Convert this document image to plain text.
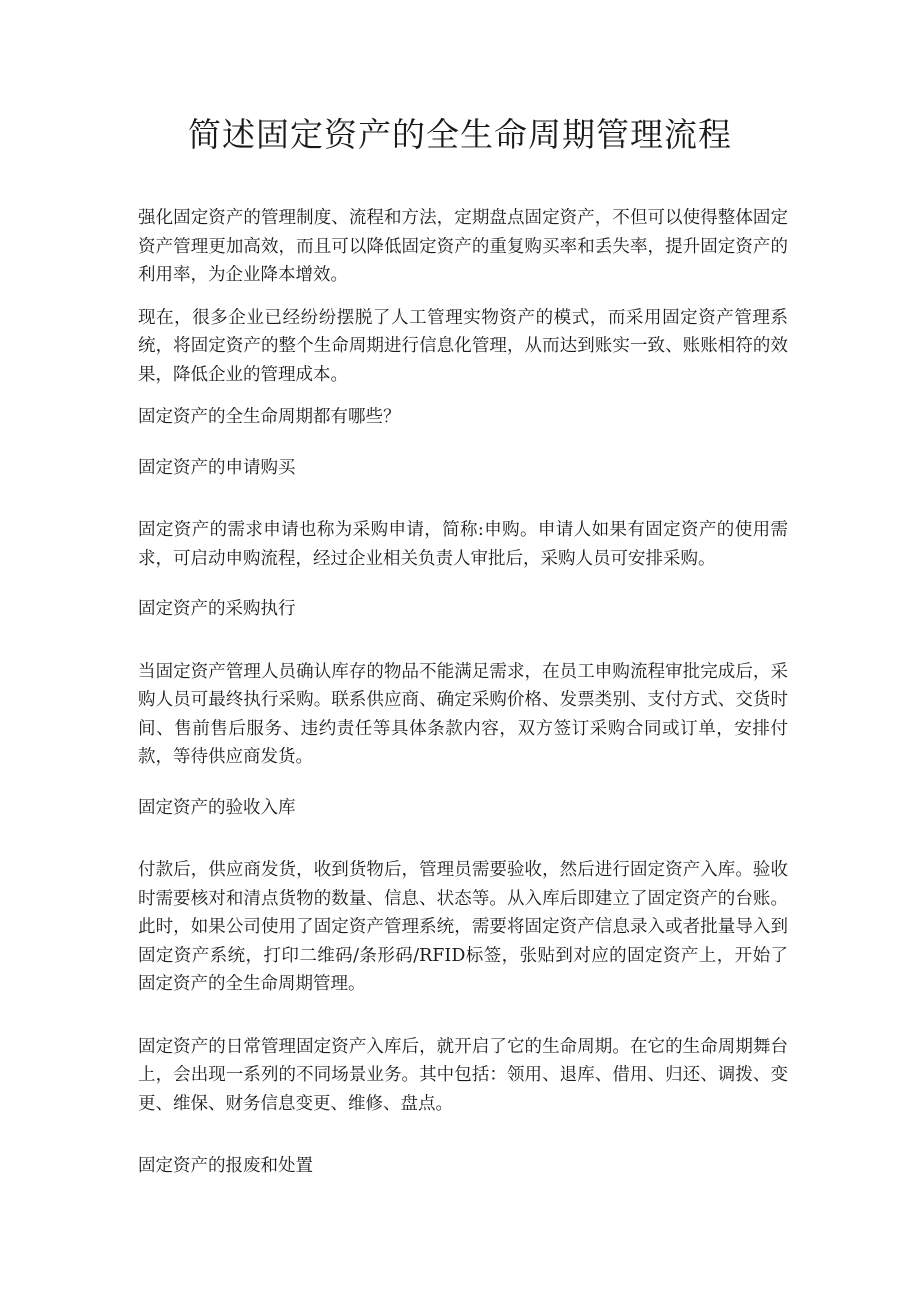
简述固定资产的全生命周期管理流程

强化固定资产的管理制度、流程和方法，定期盘点固定资产，不但可以使得整体固定资产管理更加高效，而且可以降低固定资产的重复购买率和丢失率，提升固定资产的利用率，为企业降本增效。

现在，很多企业已经纷纷摆脱了人工管理实物资产的模式，而采用固定资产管理系统，将固定资产的整个生命周期进行信息化管理，从而达到账实一致、账账相符的效果，降低企业的管理成本。

固定资产的全生命周期都有哪些？

固定资产的申请购买

固定资产的需求申请也称为采购申请，简称:申购。申请人如果有固定资产的使用需求，可启动申购流程，经过企业相关负责人审批后，采购人员可安排采购。

固定资产的采购执行

当固定资产管理人员确认库存的物品不能满足需求，在员工申购流程审批完成后，采购人员可最终执行采购。联系供应商、确定采购价格、发票类别、支付方式、交货时间、售前售后服务、违约责任等具体条款内容，双方签订采购合同或订单，安排付款，等待供应商发货。

固定资产的验收入库

付款后，供应商发货，收到货物后，管理员需要验收，然后进行固定资产入库。验收时需要核对和清点货物的数量、信息、状态等。从入库后即建立了固定资产的台账。此时，如果公司使用了固定资产管理系统，需要将固定资产信息录入或者批量导入到固定资产系统，打印二维码/条形码/RFID标签，张贴到对应的固定资产上，开始了固定资产的全生命周期管理。

固定资产的日常管理固定资产入库后，就开启了它的生命周期。在它的生命周期舞台上，会出现一系列的不同场景业务。其中包括：领用、退库、借用、归还、调拨、变更、维保、财务信息变更、维修、盘点。

固定资产的报废和处置
